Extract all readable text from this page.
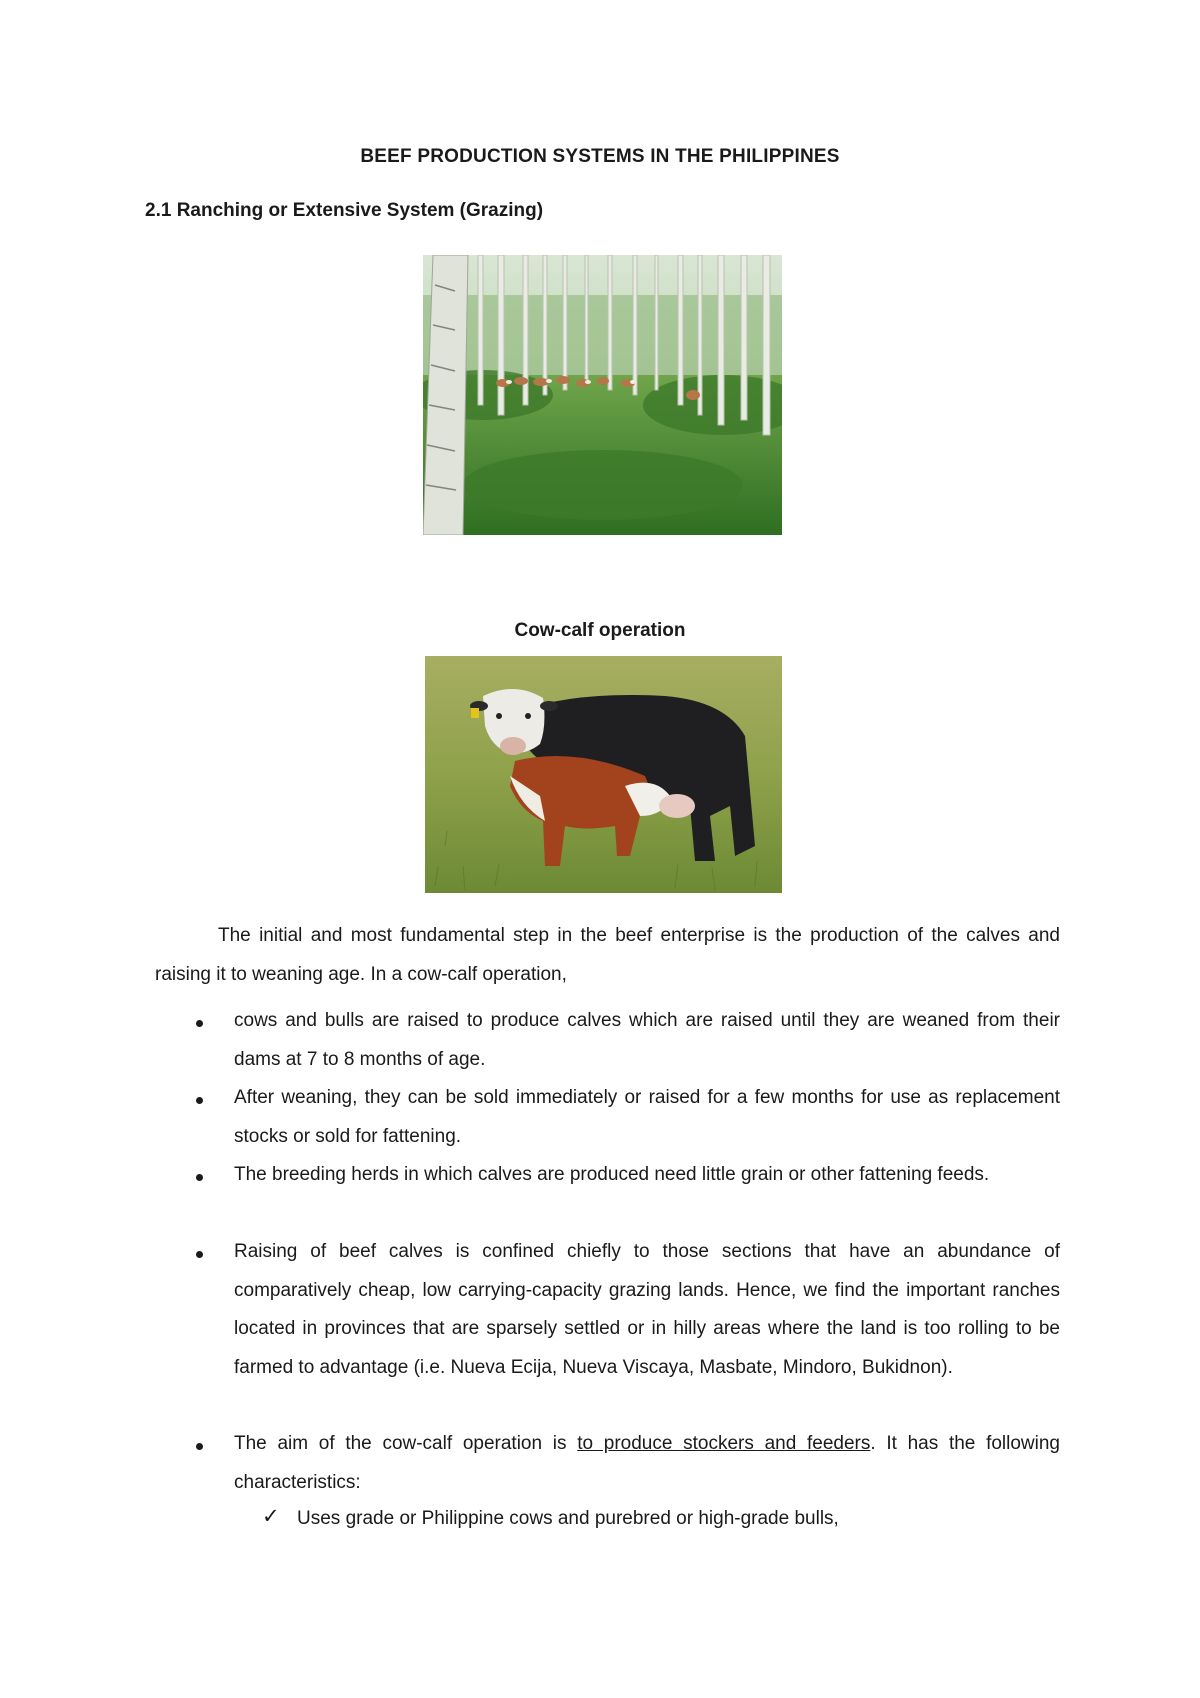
BEEF PRODUCTION SYSTEMS IN THE PHILIPPINES
2.1 Ranching or Extensive System (Grazing)

Cow-calf operation

The initial and most fundamental step in the beef enterprise is the production of the calves and raising it to weaning age. In a cow-calf operation,

cows and bulls are raised to produce calves which are raised until they are weaned from their dams at 7 to 8 months of age.

After weaning, they can be sold immediately or raised for a few months for use as replacement stocks or sold for fattening.

The breeding herds in which calves are produced need little grain or other fattening feeds.

Raising of beef calves is confined chiefly to those sections that have an abundance of comparatively cheap, low carrying-capacity grazing lands. Hence, we find the important ranches located in provinces that are sparsely settled or in hilly areas where the land is too rolling to be farmed to advantage (i.e. Nueva Ecija, Nueva Viscaya, Masbate, Mindoro, Bukidnon).

The aim of the cow-calf operation is to produce stockers and feeders. It has the following characteristics:

✓ Uses grade or Philippine cows and purebred or high-grade bulls,
